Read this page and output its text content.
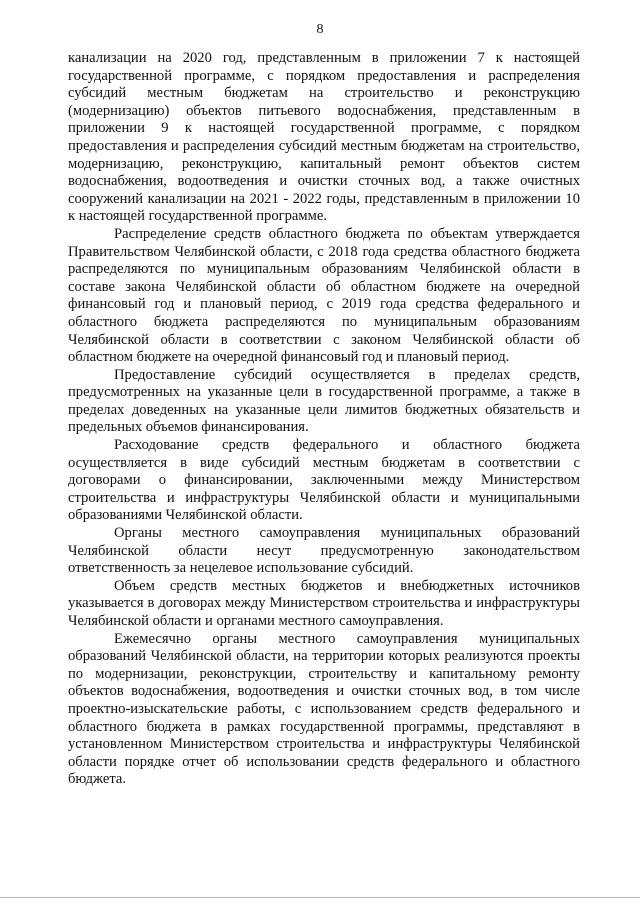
8

канализации на 2020 год, представленным в приложении 7 к настоящей государственной программе, с порядком предоставления и распределения субсидий местным бюджетам на строительство и реконструкцию (модернизацию) объектов питьевого водоснабжения, представленным в приложении 9 к настоящей государственной программе, с порядком предоставления и распределения субсидий местным бюджетам на строительство, модернизацию, реконструкцию, капитальный ремонт объектов систем водоснабжения, водоотведения и очистки сточных вод, а также очистных сооружений канализации на 2021 - 2022 годы, представленным в приложении 10 к настоящей государственной программе.

Распределение средств областного бюджета по объектам утверждается Правительством Челябинской области, с 2018 года средства областного бюджета распределяются по муниципальным образованиям Челябинской области в составе закона Челябинской области об областном бюджете на очередной финансовый год и плановый период, с 2019 года средства федерального и областного бюджета распределяются по муниципальным образованиям Челябинской области в соответствии с законом Челябинской области об областном бюджете на очередной финансовый год и плановый период.

Предоставление субсидий осуществляется в пределах средств, предусмотренных на указанные цели в государственной программе, а также в пределах доведенных на указанные цели лимитов бюджетных обязательств и предельных объемов финансирования.

Расходование средств федерального и областного бюджета осуществляется в виде субсидий местным бюджетам в соответствии с договорами о финансировании, заключенными между Министерством строительства и инфраструктуры Челябинской области и муниципальными образованиями Челябинской области.

Органы местного самоуправления муниципальных образований Челябинской области несут предусмотренную законодательством ответственность за нецелевое использование субсидий.

Объем средств местных бюджетов и внебюджетных источников указывается в договорах между Министерством строительства и инфраструктуры Челябинской области и органами местного самоуправления.

Ежемесячно органы местного самоуправления муниципальных образований Челябинской области, на территории которых реализуются проекты по модернизации, реконструкции, строительству и капитальному ремонту объектов водоснабжения, водоотведения и очистки сточных вод, в том числе проектно-изыскательские работы, с использованием средств федерального и областного бюджета в рамках государственной программы, представляют в установленном Министерством строительства и инфраструктуры Челябинской области порядке отчет об использовании средств федерального и областного бюджета.
